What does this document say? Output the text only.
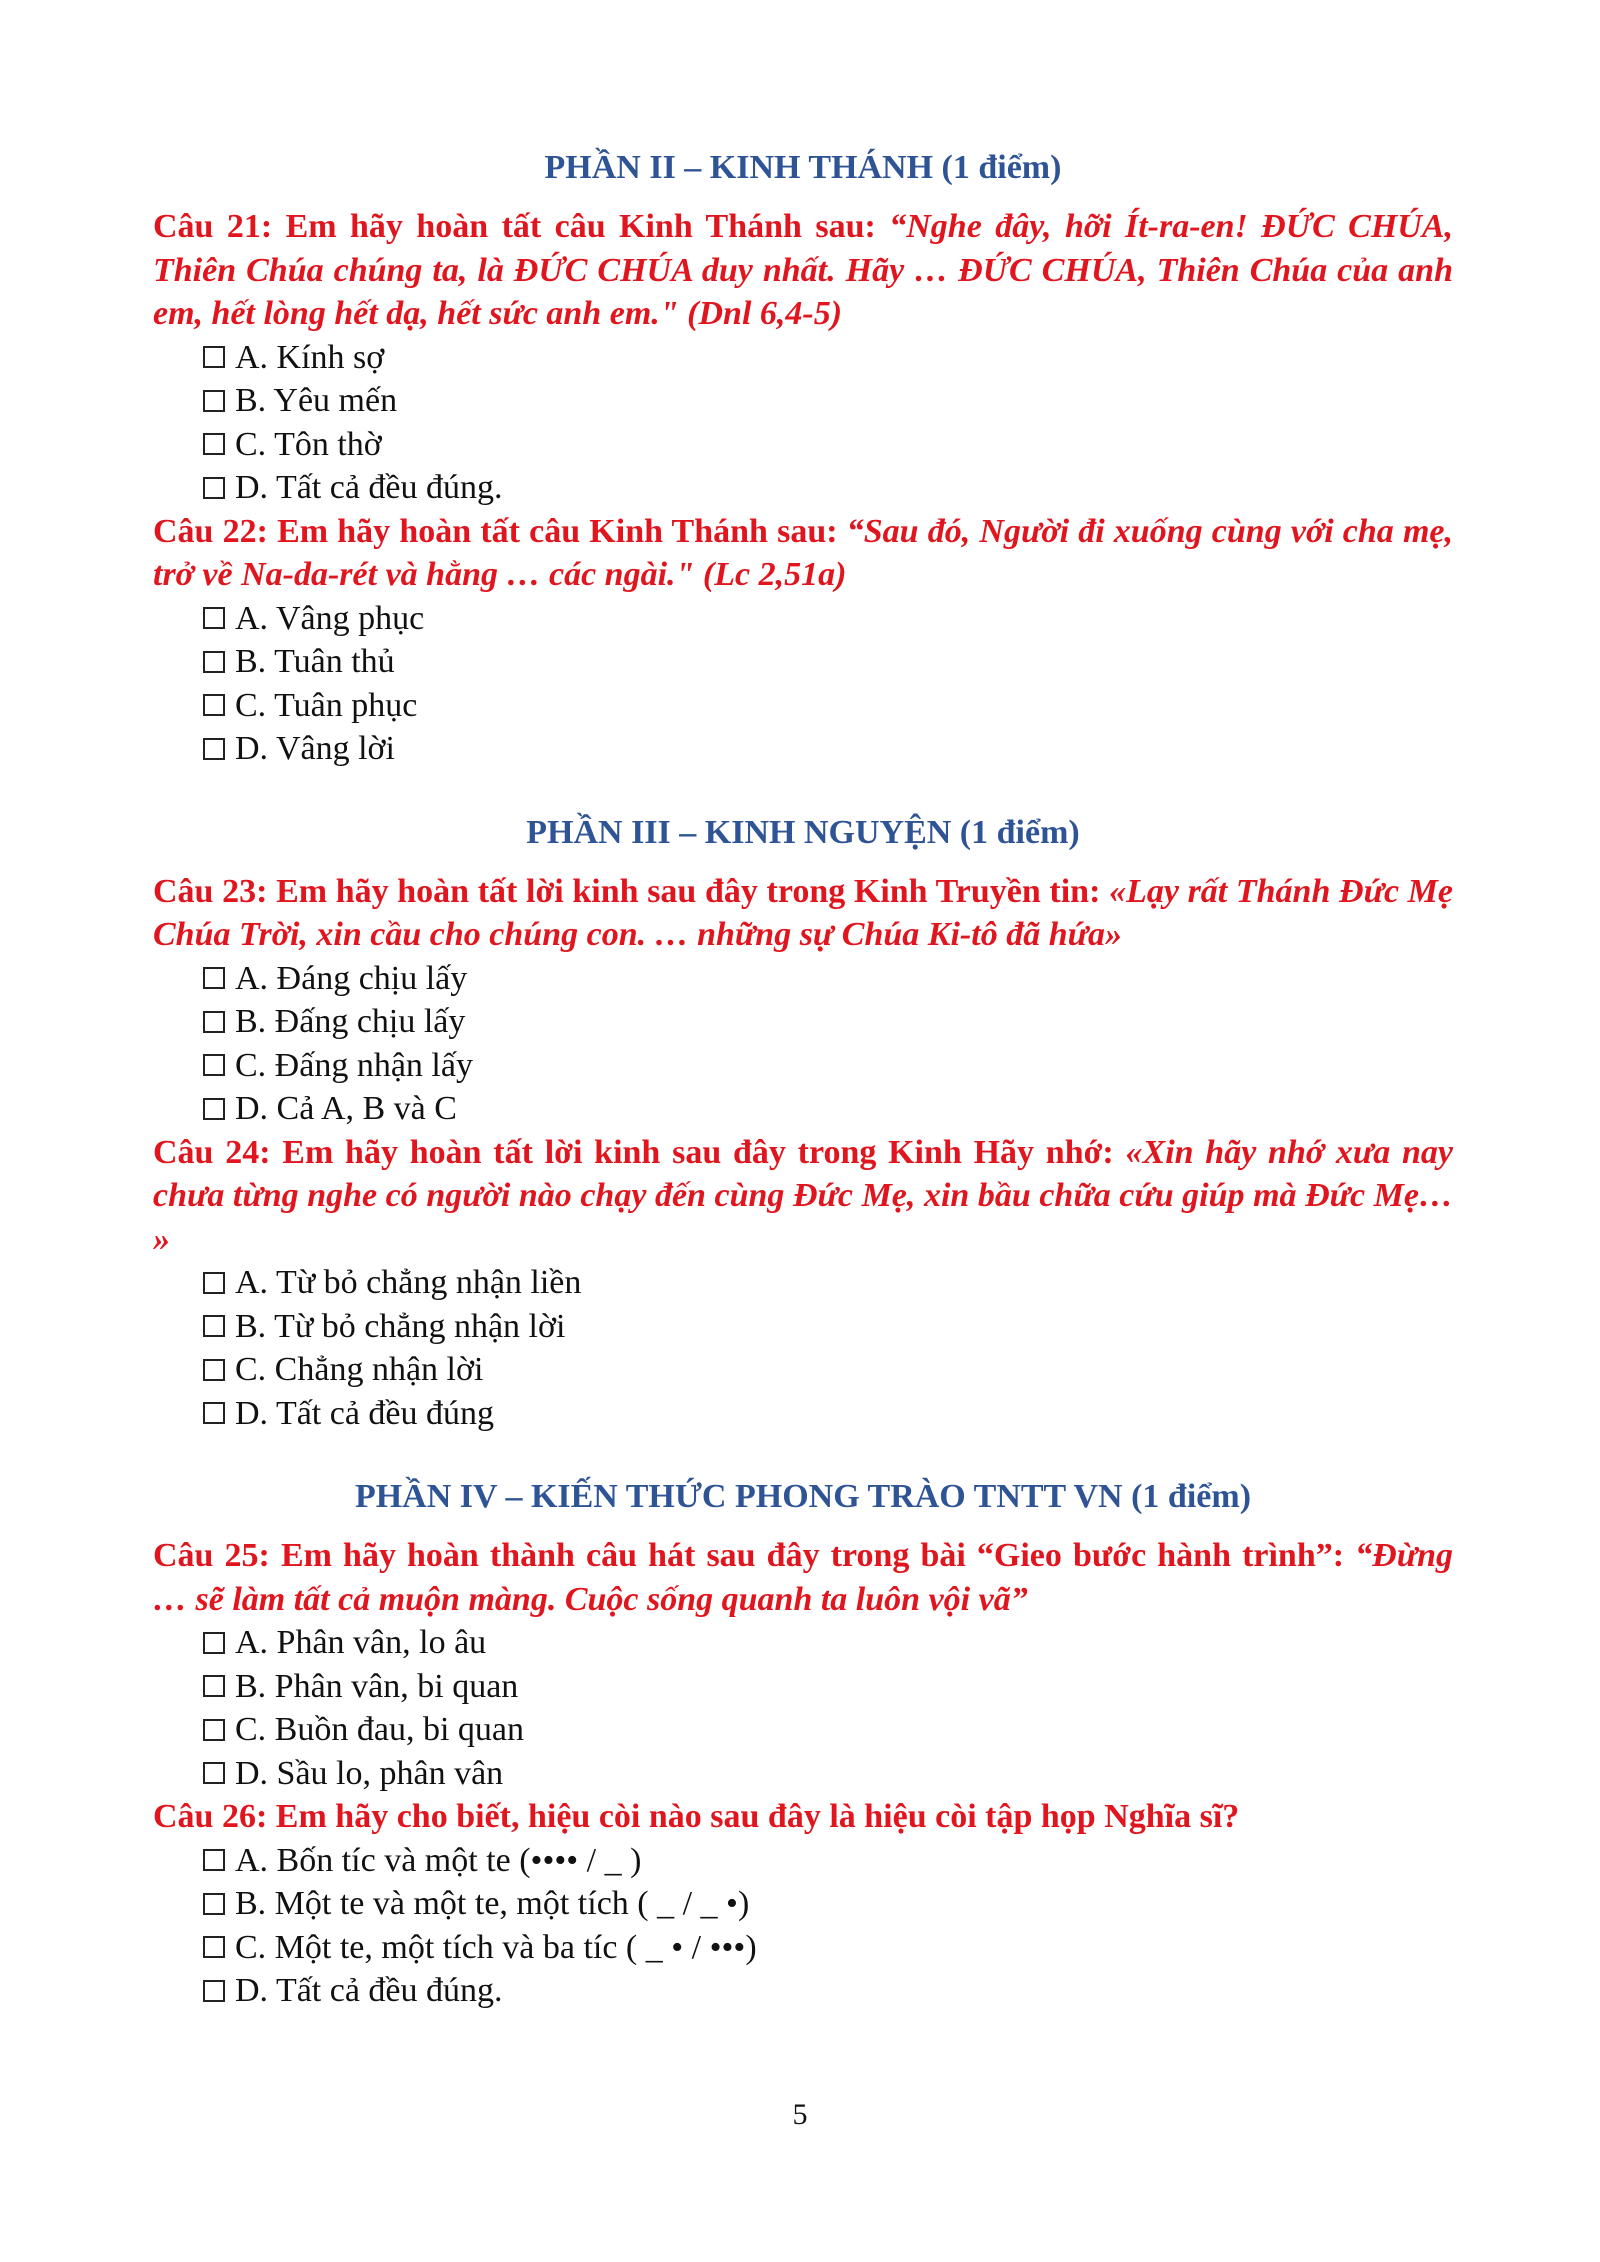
PHẦN II – KINH THÁNH (1 điểm)

Câu 21: Em hãy hoàn tất câu Kinh Thánh sau: “Nghe đây, hỡi Ít-ra-en! ĐỨC CHÚA, Thiên Chúa chúng ta, là ĐỨC CHÚA duy nhất. Hãy … ĐỨC CHÚA, Thiên Chúa của anh em, hết lòng hết dạ, hết sức anh em." (Dnl 6,4-5)

A. Kính sợ
B. Yêu mến
C. Tôn thờ
D. Tất cả đều đúng.

Câu 22: Em hãy hoàn tất câu Kinh Thánh sau: “Sau đó, Người đi xuống cùng với cha mẹ, trở về Na-da-rét và hằng … các ngài." (Lc 2,51a)

A. Vâng phục
B. Tuân thủ
C. Tuân phục
D. Vâng lời
PHẦN III – KINH NGUYỆN (1 điểm)

Câu 23: Em hãy hoàn tất lời kinh sau đây trong Kinh Truyền tin: «Lạy rất Thánh Đức Mẹ Chúa Trời, xin cầu cho chúng con. … những sự Chúa Ki-tô đã hứa»

A. Đáng chịu lấy
B. Đấng chịu lấy
C. Đấng nhận lấy
D. Cả A, B và C

Câu 24: Em hãy hoàn tất lời kinh sau đây trong Kinh Hãy nhớ: «Xin hãy nhớ xưa nay chưa từng nghe có người nào chạy đến cùng Đức Mẹ, xin bầu chữa cứu giúp mà Đức Mẹ… »

A. Từ bỏ chẳng nhận liền
B. Từ bỏ chẳng nhận lời
C. Chẳng nhận lời
D. Tất cả đều đúng
PHẦN IV – KIẾN THỨC PHONG TRÀO TNTT VN (1 điểm)

Câu 25: Em hãy hoàn thành câu hát sau đây trong bài “Gieo bước hành trình”: “Đừng … sẽ làm tất cả muộn màng. Cuộc sống quanh ta luôn vội vã”

A. Phân vân, lo âu
B. Phân vân, bi quan
C. Buồn đau, bi quan
D. Sầu lo, phân vân

Câu 26: Em hãy cho biết, hiệu còi nào sau đây là hiệu còi tập họp Nghĩa sĩ?

A. Bốn tíc và một te (•••• / _ )
B. Một te và một te, một tích ( _ / _ •)
C. Một te, một tích và ba tíc ( _ • / •••)
D. Tất cả đều đúng.
5
